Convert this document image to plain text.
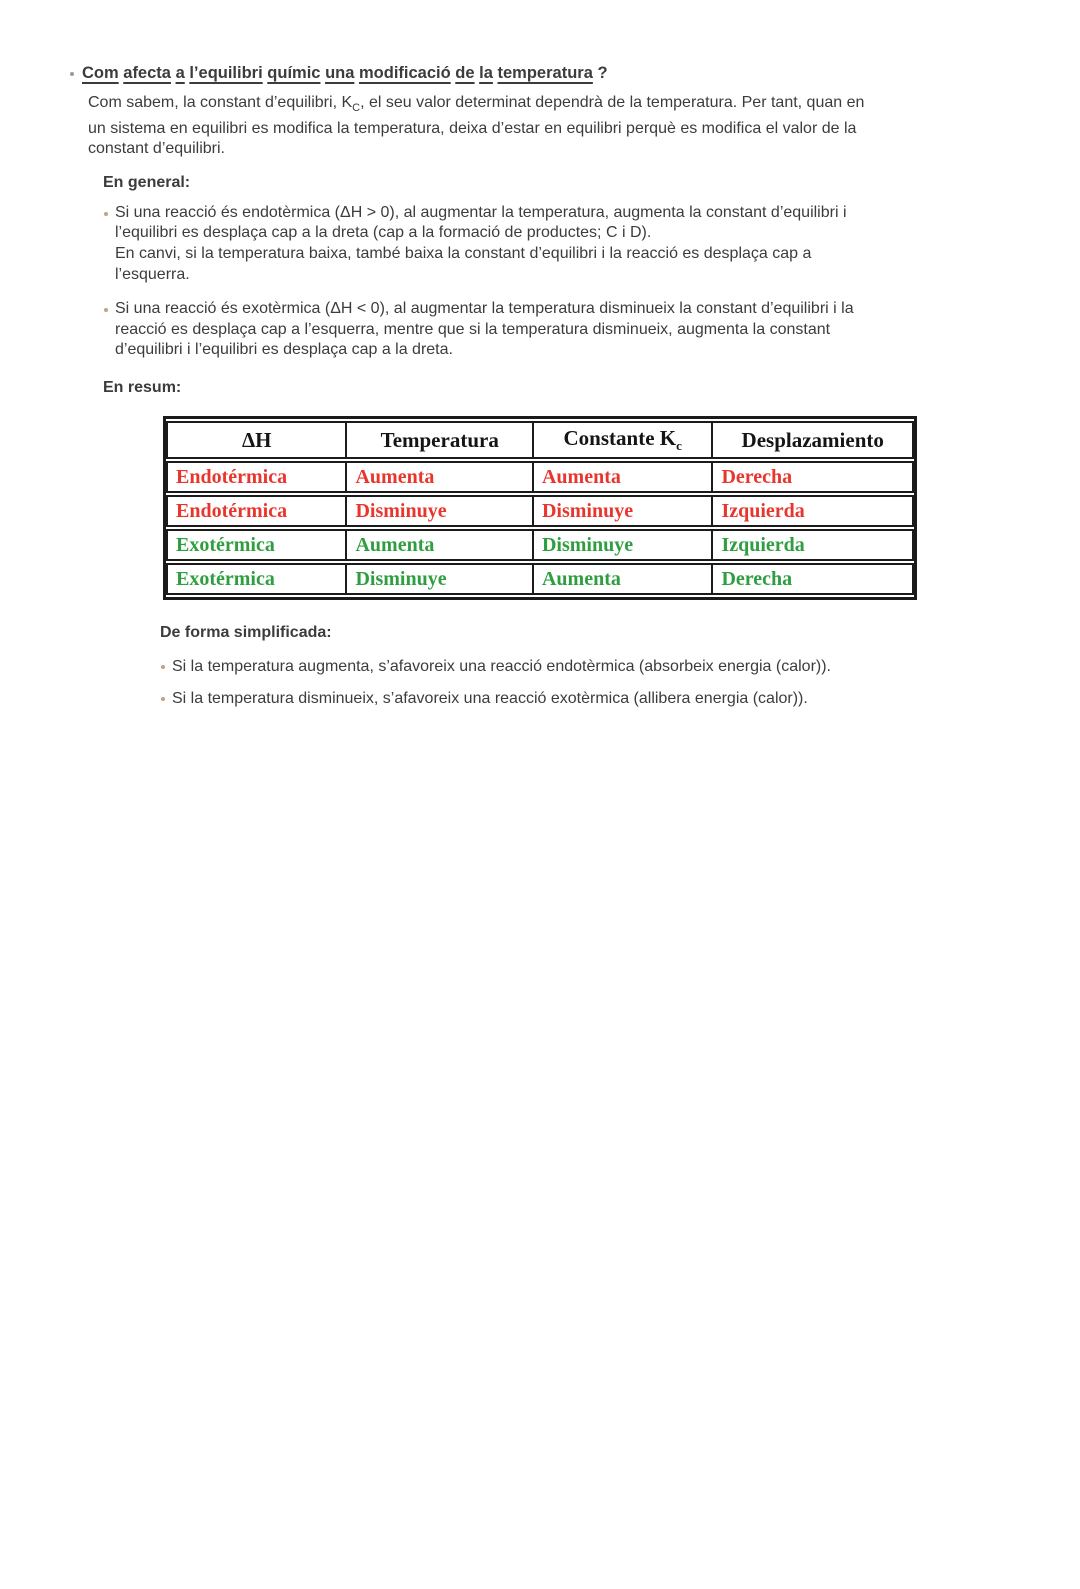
Com afecta a l’equilibri químic una modificació de la temperatura ?
Com sabem, la constant d’equilibri, $K_C$, el seu valor determinat dependrà de la temperatura. Per tant, quan en
un sistema en equilibri es modifica la temperatura, deixa d’estar en equilibri perquè es modifica el valor de la
constant d’equilibri.
En general:
Si una reacció és endotèrmica (ΔH > 0), al augmentar la temperatura, augmenta la constant d’equilibri i
l’equilibri es desplaça cap a la dreta (cap a la formació de productes; C i D).
En canvi, si la temperatura baixa, també baixa la constant d’equilibri i la reacció es desplaça cap a
l’esquerra.
Si una reacció és exotèrmica (ΔH < 0), al augmentar la temperatura disminueix la constant d’equilibri i la
reacció es desplaça cap a l’esquerra, mentre que si la temperatura disminueix, augmenta la constant
d’equilibri i l’equilibri es desplaça cap a la dreta.
En resum:
ΔH	Temperatura	Constante $K_c$	Desplazamiento
Endotérmica	Aumenta	Aumenta	Derecha
Endotérmica	Disminuye	Disminuye	Izquierda
Exotérmica	Aumenta	Disminuye	Izquierda
Exotérmica	Disminuye	Aumenta	Derecha
De forma simplificada:
Si la temperatura augmenta, s’afavoreix una reacció endotèrmica (absorbeix energia (calor)).
Si la temperatura disminueix, s’afavoreix una reacció exotèrmica (allibera energia (calor)).
